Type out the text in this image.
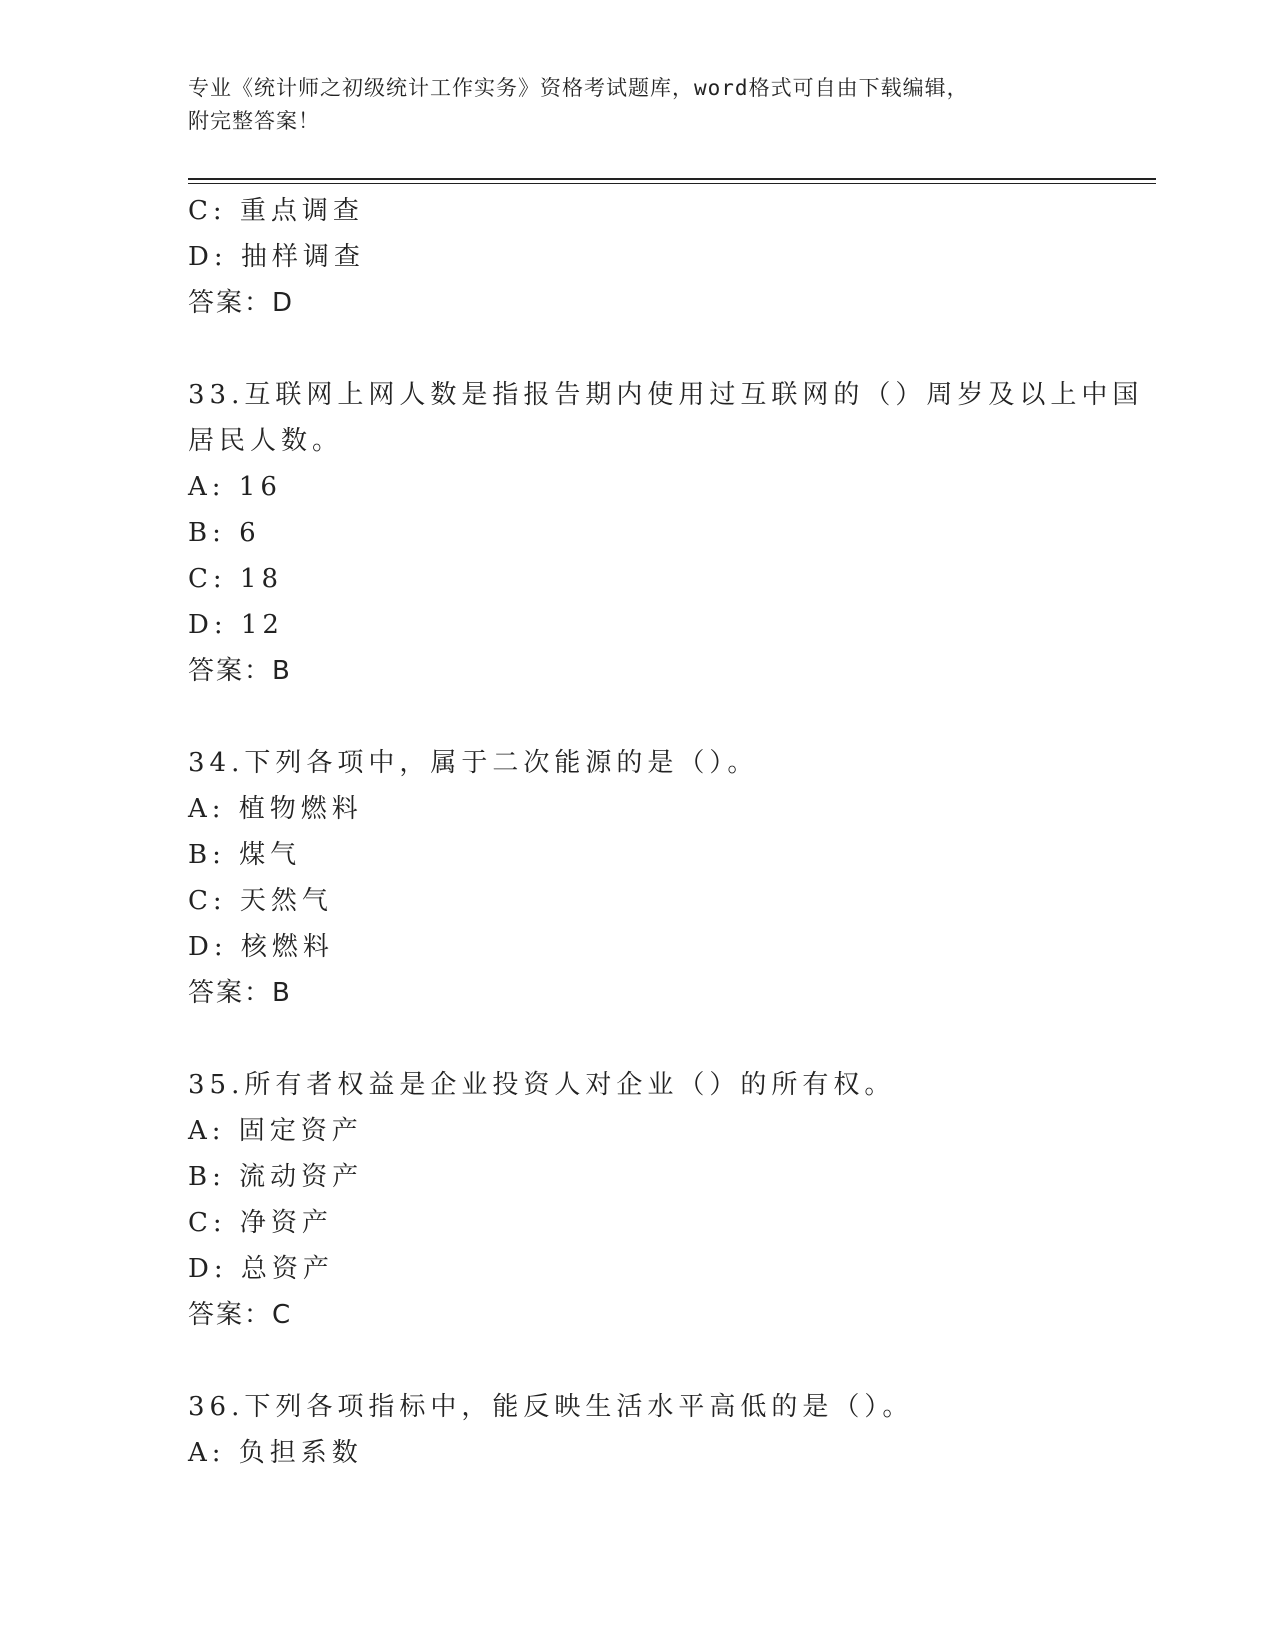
专业《统计师之初级统计工作实务》资格考试题库，word格式可自由下载编辑，
附完整答案！
C: 重点调查
D: 抽样调查
答案：D
33.互联网上网人数是指报告期内使用过互联网的（）周岁及以上中国
居民人数。
A: 16
B: 6
C: 18
D: 12
答案：B
34.下列各项中，属于二次能源的是（）。
A: 植物燃料
B: 煤气
C: 天然气
D: 核燃料
答案：B
35.所有者权益是企业投资人对企业（）的所有权。
A: 固定资产
B: 流动资产
C: 净资产
D: 总资产
答案：C
36.下列各项指标中，能反映生活水平高低的是（）。
A: 负担系数
